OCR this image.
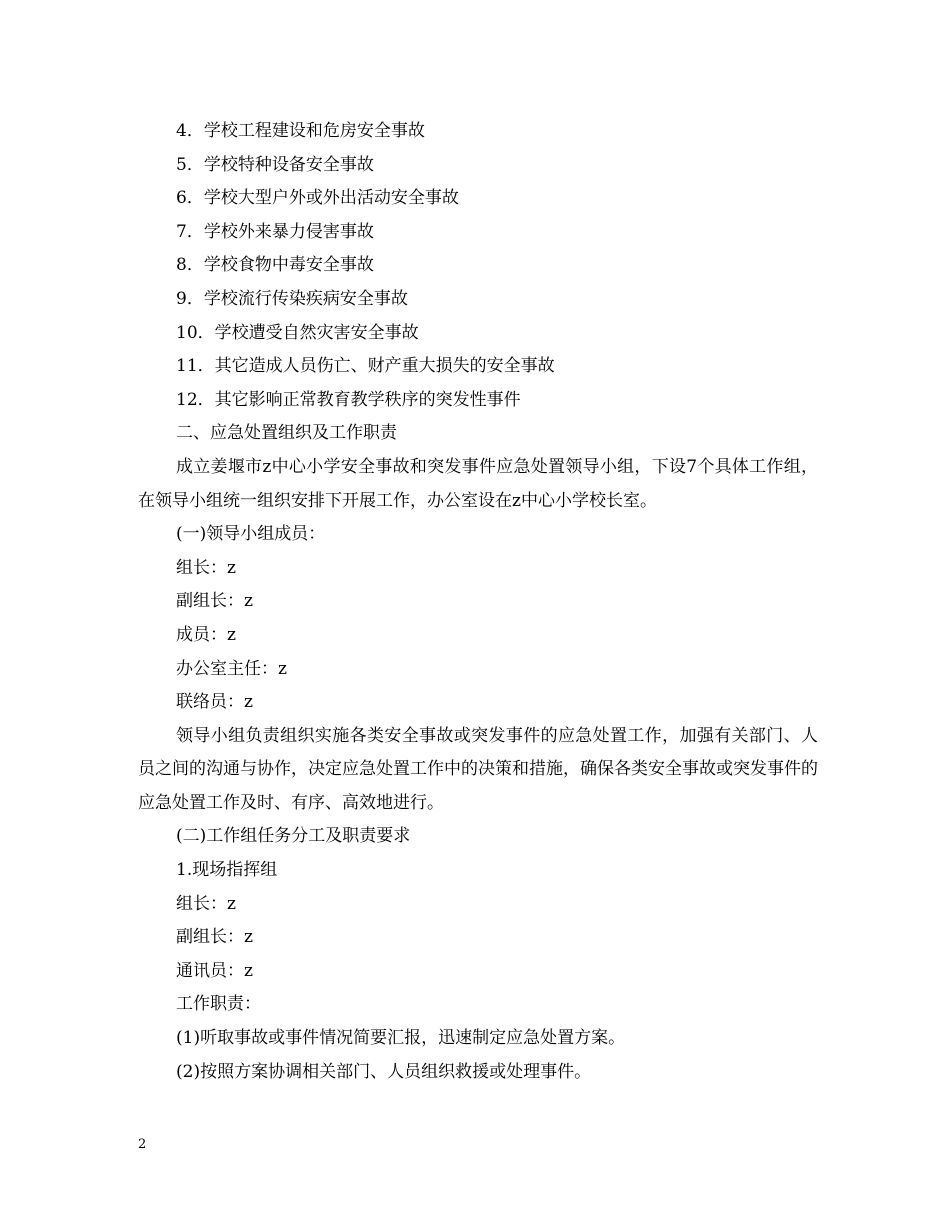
4．学校工程建设和危房安全事故
5．学校特种设备安全事故
6．学校大型户外或外出活动安全事故
7．学校外来暴力侵害事故
8．学校食物中毒安全事故
9．学校流行传染疾病安全事故
10．学校遭受自然灾害安全事故
11．其它造成人员伤亡、财产重大损失的安全事故
12．其它影响正常教育教学秩序的突发性事件
二、应急处置组织及工作职责
成立姜堰市z中心小学安全事故和突发事件应急处置领导小组，下设7个具体工作组，在领导小组统一组织安排下开展工作，办公室设在z中心小学校长室。
(一)领导小组成员：
组长：z
副组长：z
成员：z
办公室主任：z
联络员：z
领导小组负责组织实施各类安全事故或突发事件的应急处置工作，加强有关部门、人员之间的沟通与协作，决定应急处置工作中的决策和措施，确保各类安全事故或突发事件的应急处置工作及时、有序、高效地进行。
(二)工作组任务分工及职责要求
1.现场指挥组
组长：z
副组长：z
通讯员：z
工作职责：
(1)听取事故或事件情况简要汇报，迅速制定应急处置方案。
(2)按照方案协调相关部门、人员组织救援或处理事件。
2
